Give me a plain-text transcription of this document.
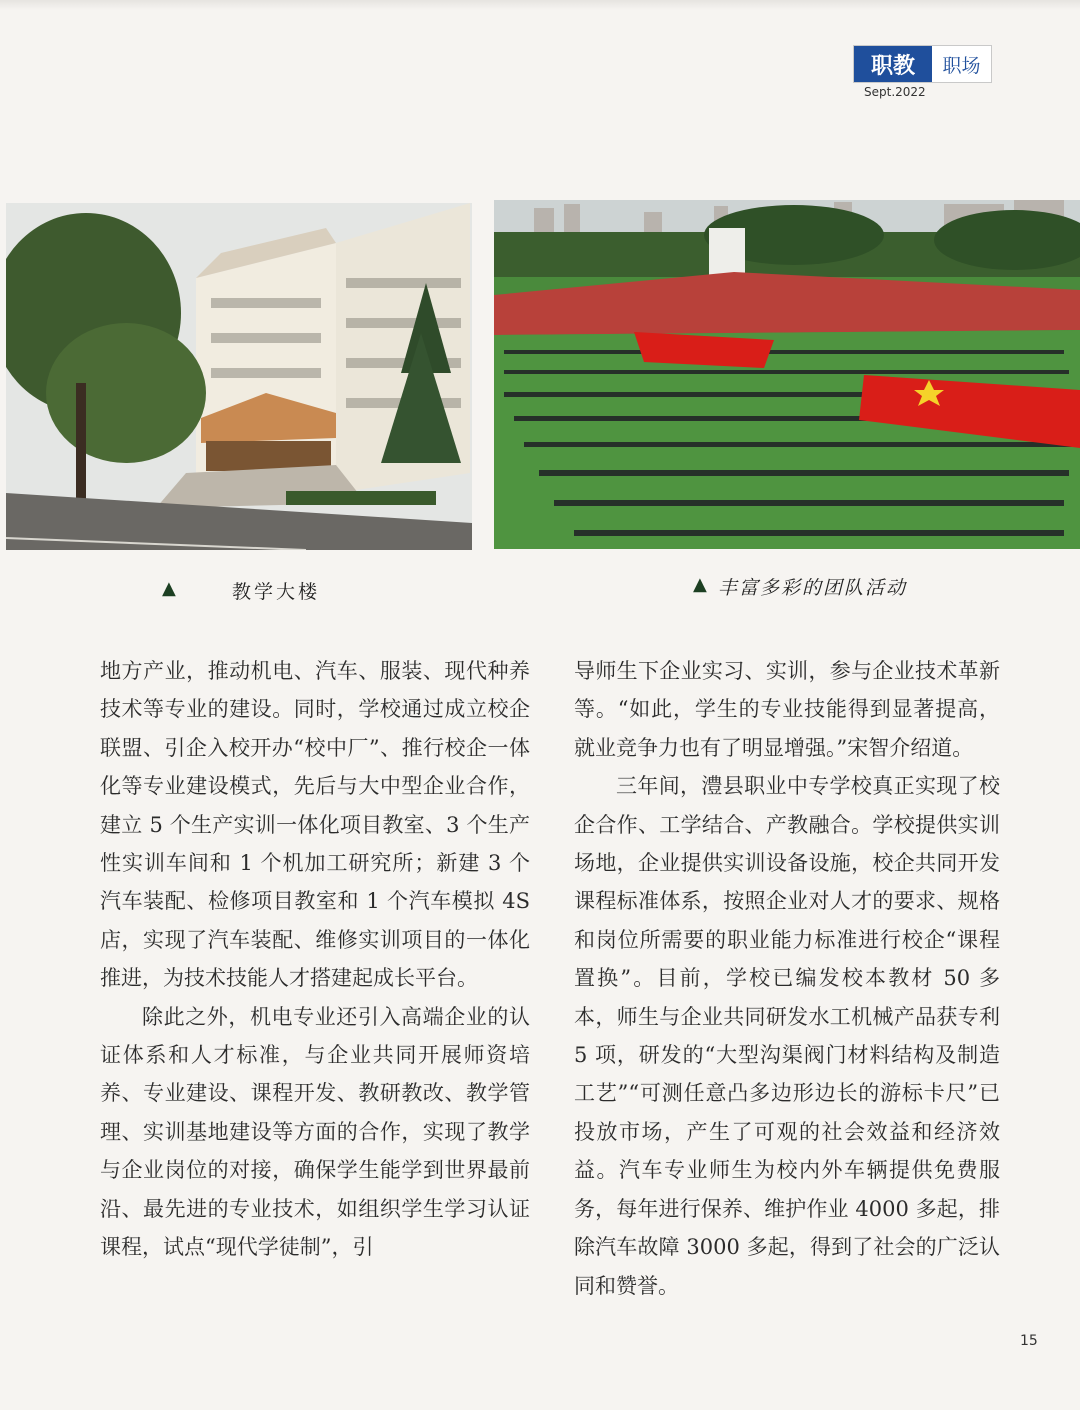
职教	职场
Sept.2022
▲	教学大楼	▲ 丰富多彩的团队活动

地方产业，推动机电、汽车、服装、现代种养技术等专业的建设。同时，学校通过成立校企联盟、引企入校开办“校中厂”、推行校企一体化等专业建设模式，先后与大中型企业合作，建立 5 个生产实训一体化项目教室、3 个生产性实训车间和 1 个机加工研究所；新建 3 个汽车装配、检修项目教室和 1 个汽车模拟 4S 店，实现了汽车装配、维修实训项目的一体化推进，为技术技能人才搭建起成长平台。

除此之外，机电专业还引入高端企业的认证体系和人才标准，与企业共同开展师资培养、专业建设、课程开发、教研教改、教学管理、实训基地建设等方面的合作，实现了教学与企业岗位的对接，确保学生能学到世界最前沿、最先进的专业技术，如组织学生学习认证课程，试点“现代学徒制”，引

导师生下企业实习、实训，参与企业技术革新等。“如此，学生的专业技能得到显著提高，就业竞争力也有了明显增强。”宋智介绍道。

三年间，澧县职业中专学校真正实现了校企合作、工学结合、产教融合。学校提供实训场地，企业提供实训设备设施，校企共同开发课程标准体系，按照企业对人才的要求、规格和岗位所需要的职业能力标准进行校企“课程置换”。目前，学校已编发校本教材 50 多本，师生与企业共同研发水工机械产品获专利 5 项，研发的“大型沟渠阀门材料结构及制造工艺”“可测任意凸多边形边长的游标卡尺”已投放市场，产生了可观的社会效益和经济效益。汽车专业师生为校内外车辆提供免费服务，每年进行保养、维护作业 4000 多起，排除汽车故障 3000 多起，得到了社会的广泛认同和赞誉。

15
